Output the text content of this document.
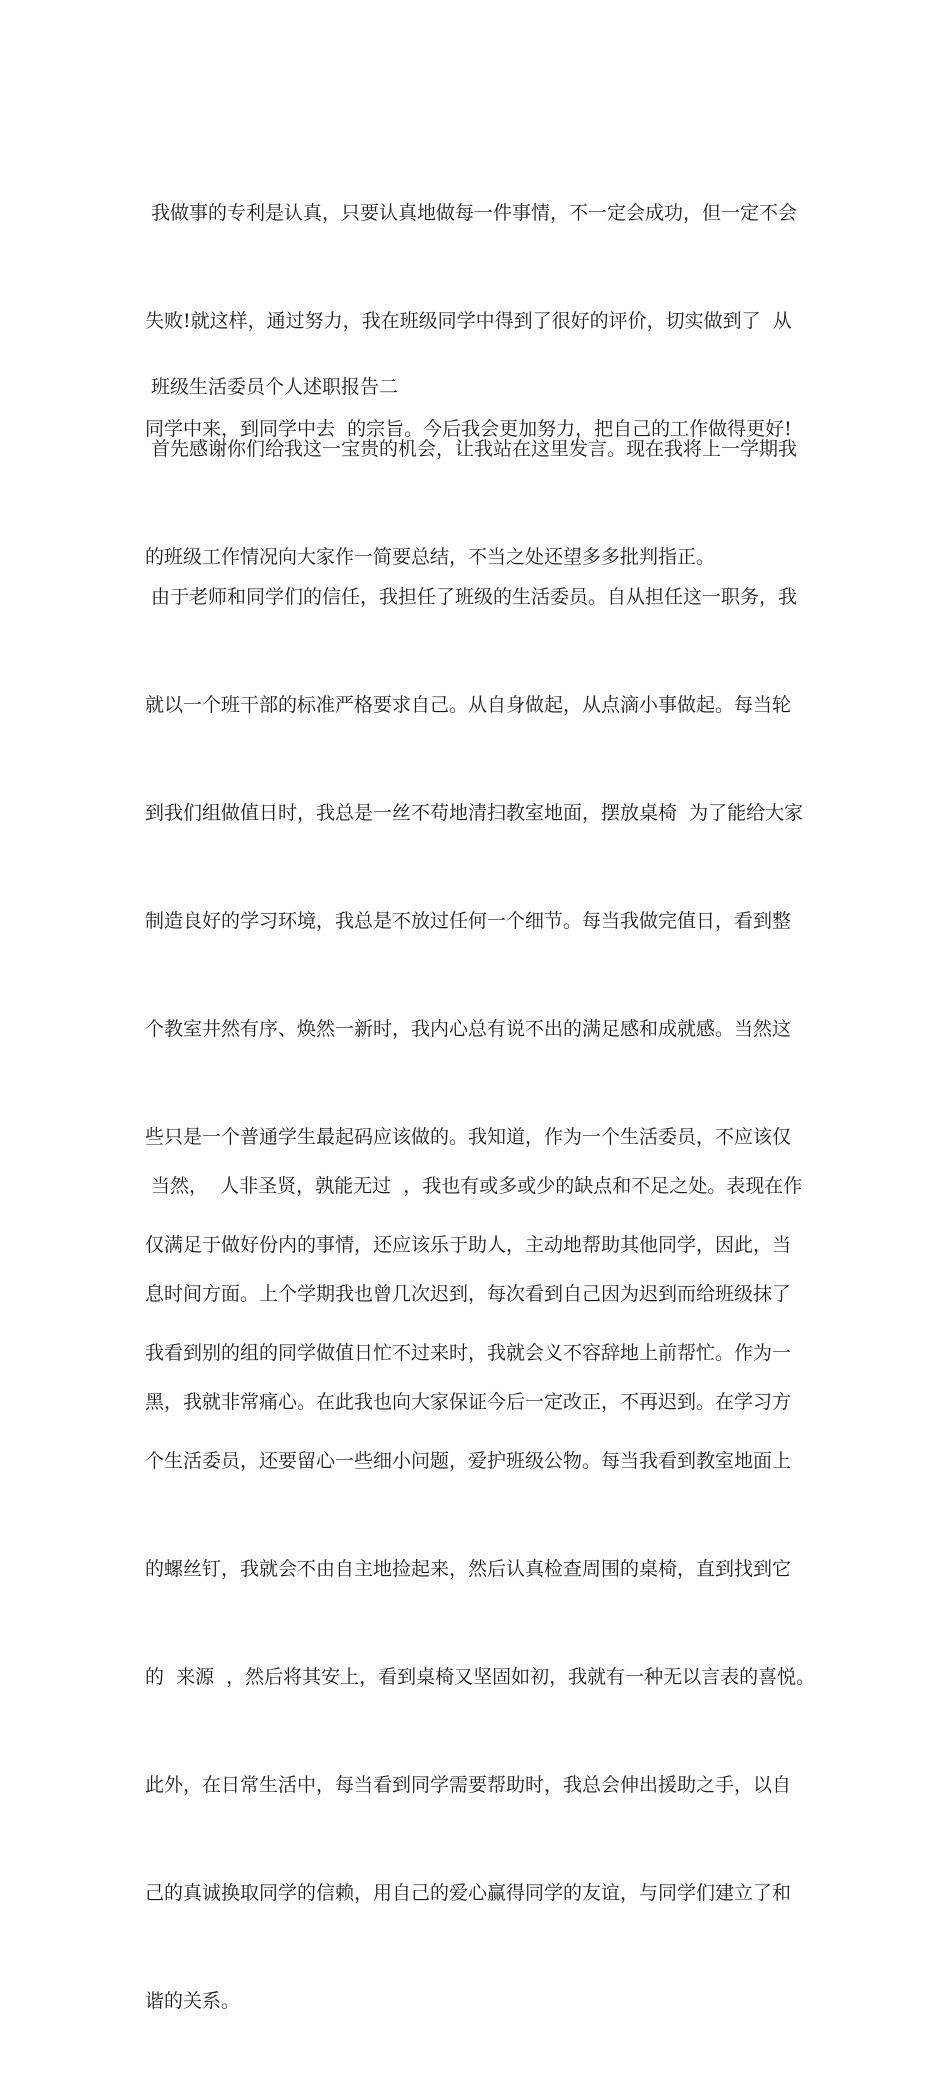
我做事的专利是认真，只要认真地做每一件事情，不一定会成功，但一定不会

失败!就这样，通过努力，我在班级同学中得到了很好的评价，切实做到了  从

同学中来，到同学中去  的宗旨。今后我会更加努力，把自己的工作做得更好!

班级生活委员个人述职报告二

首先感谢你们给我这一宝贵的机会，让我站在这里发言。现在我将上一学期我

的班级工作情况向大家作一简要总结，不当之处还望多多批判指正。

由于老师和同学们的信任，我担任了班级的生活委员。自从担任这一职务，我

就以一个班干部的标准严格要求自己。从自身做起，从点滴小事做起。每当轮

到我们组做值日时，我总是一丝不苟地清扫教室地面，摆放桌椅  为了能给大家

制造良好的学习环境，我总是不放过任何一个细节。每当我做完值日，看到整

个教室井然有序、焕然一新时，我内心总有说不出的满足感和成就感。当然这

些只是一个普通学生最起码应该做的。我知道，作为一个生活委员，不应该仅

仅满足于做好份内的事情，还应该乐于助人，主动地帮助其他同学，因此，当

我看到别的组的同学做值日忙不过来时，我就会义不容辞地上前帮忙。作为一

个生活委员，还要留心一些细小问题，爱护班级公物。每当我看到教室地面上

的螺丝钉，我就会不由自主地捡起来，然后认真检查周围的桌椅，直到找到它

的  来源  ，然后将其安上，看到桌椅又坚固如初，我就有一种无以言表的喜悦。

此外，在日常生活中，每当看到同学需要帮助时，我总会伸出援助之手，以自

己的真诚换取同学的信赖，用自己的爱心赢得同学的友谊，与同学们建立了和

谐的关系。

当然，  人非圣贤，孰能无过  ，我也有或多或少的缺点和不足之处。表现在作

息时间方面。上个学期我也曾几次迟到，每次看到自己因为迟到而给班级抹了

黑，我就非常痛心。在此我也向大家保证今后一定改正，不再迟到。在学习方
